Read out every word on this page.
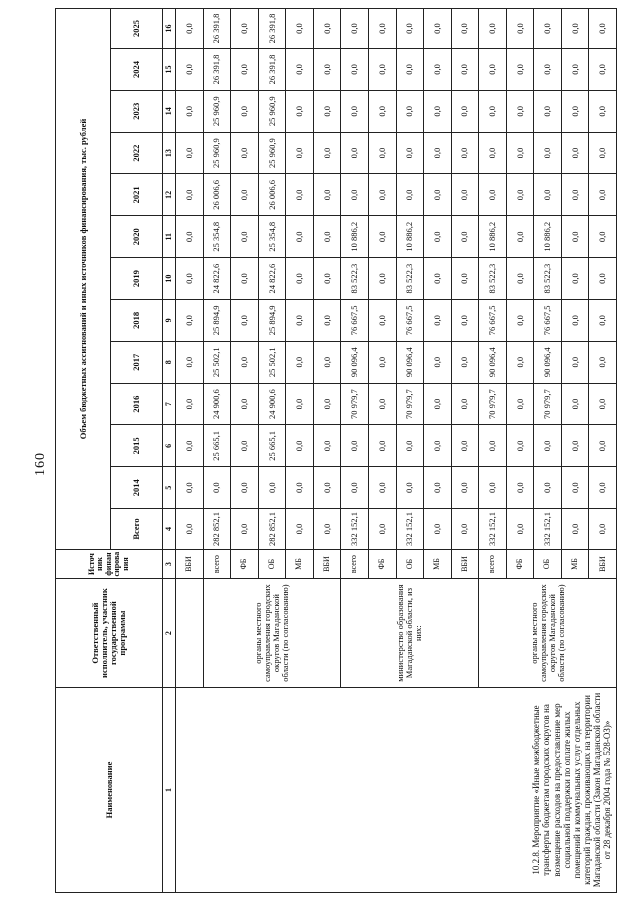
160
Наименование	Ответственный исполнитель, участник государственной программы	Источник финансирования	Объем бюджетных ассигнований и иных источников финансирования, тыс. рублей												
			Всего	2014	2015	2016	2017	2018	2019	2020	2021	2022	2023	2024	2025
1	2	3	4	5	6	7	8	9	10	11	12	13	14	15	16
10.2.8. Мероприятие «Иные межбюджетные трансферты бюджетам городских округов на возмещение расходов на предоставление мер социальной поддержки по оплате жилых помещений и коммунальных услуг отдельных категорий граждан, проживающих на территории Магаданской области (Закон Магаданской области от 28 декабря 2004 года № 528-ОЗ)»		ВБИ	0,0	0,0	0,0	0,0	0,0	0,0	0,0	0,0	0,0	0,0	0,0	0,0	0,0
	органы местного самоуправления городских округов Магаданской области (по согласованию)	всего	282 852,1	0,0	25 665,1	24 900,6	25 502,1	25 894,9	24 822,6	25 354,8	26 006,6	25 960,9	25 960,9	26 391,8	26 391,8
		ФБ	0,0	0,0	0,0	0,0	0,0	0,0	0,0	0,0	0,0	0,0	0,0	0,0	0,0
		ОБ	282 852,1	0,0	25 665,1	24 900,6	25 502,1	25 894,9	24 822,6	25 354,8	26 006,6	25 960,9	25 960,9	26 391,8	26 391,8
		МБ	0,0	0,0	0,0	0,0	0,0	0,0	0,0	0,0	0,0	0,0	0,0	0,0	0,0
		ВБИ	0,0	0,0	0,0	0,0	0,0	0,0	0,0	0,0	0,0	0,0	0,0	0,0	0,0
	министерство образования Магаданской области, из них:	всего	332 152,1	0,0	0,0	70 979,7	90 096,4	76 667,5	83 522,3	10 886,2	0,0	0,0	0,0	0,0	0,0
		ФБ	0,0	0,0	0,0	0,0	0,0	0,0	0,0	0,0	0,0	0,0	0,0	0,0	0,0
		ОБ	332 152,1	0,0	0,0	70 979,7	90 096,4	76 667,5	83 522,3	10 886,2	0,0	0,0	0,0	0,0	0,0
		МБ	0,0	0,0	0,0	0,0	0,0	0,0	0,0	0,0	0,0	0,0	0,0	0,0	0,0
		ВБИ	0,0	0,0	0,0	0,0	0,0	0,0	0,0	0,0	0,0	0,0	0,0	0,0	0,0
	органы местного самоуправления городских округов Магаданской области (по согласованию)	всего	332 152,1	0,0	0,0	70 979,7	90 096,4	76 667,5	83 522,3	10 886,2	0,0	0,0	0,0	0,0	0,0
		ФБ	0,0	0,0	0,0	0,0	0,0	0,0	0,0	0,0	0,0	0,0	0,0	0,0	0,0
		ОБ	332 152,1	0,0	0,0	70 979,7	90 096,4	76 667,5	83 522,3	10 886,2	0,0	0,0	0,0	0,0	0,0
		МБ	0,0	0,0	0,0	0,0	0,0	0,0	0,0	0,0	0,0	0,0	0,0	0,0	0,0
		ВБИ	0,0	0,0	0,0	0,0	0,0	0,0	0,0	0,0	0,0	0,0	0,0	0,0	0,0
